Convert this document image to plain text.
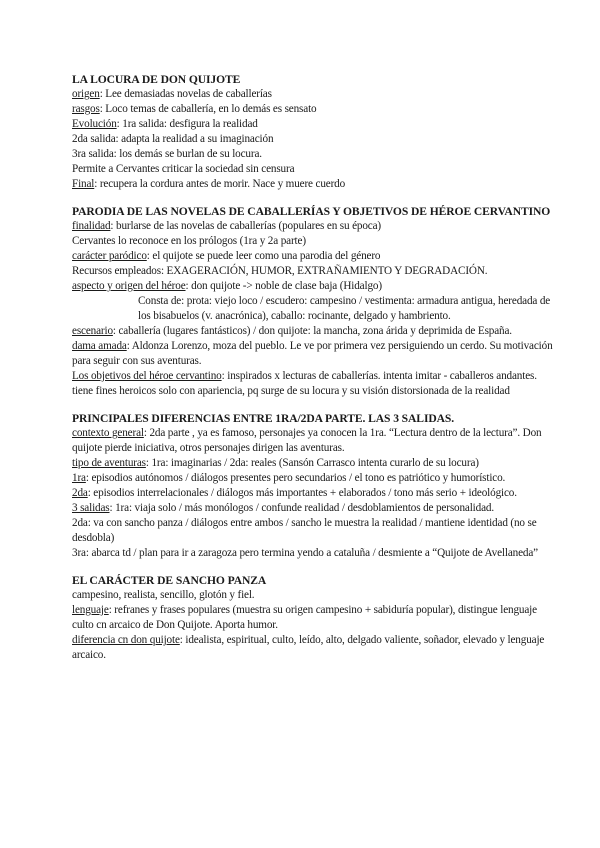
LA LOCURA DE DON QUIJOTE
origen: Lee demasiadas novelas de caballerías
rasgos: Loco temas de caballería, en lo demás es sensato
Evolución: 1ra salida: desfigura la realidad
2da salida: adapta la realidad a su imaginación
3ra salida: los demás se burlan de su locura.
Permite a Cervantes criticar la sociedad sin censura
Final: recupera la cordura antes de morir. Nace y muere cuerdo
PARODIA DE LAS NOVELAS DE CABALLERÍAS Y OBJETIVOS DE HÉROE CERVANTINO
finalidad: burlarse de las novelas de caballerías (populares en su época)
Cervantes lo reconoce en los prólogos (1ra y 2a parte)
carácter paródico: el quijote se puede leer como una parodia del género
Recursos empleados: EXAGERACIÓN, HUMOR, EXTRAÑAMIENTO Y DEGRADACIÓN.
aspecto y origen del héroe: don quijote -> noble de clase baja (Hidalgo)
Consta de: prota: viejo loco / escudero: campesino / vestimenta: armadura antigua, heredada de los bisabuelos (v. anacrónica), caballo: rocinante, delgado y hambriento.
escenario: caballería (lugares fantásticos) / don quijote: la mancha, zona árida y deprimida de España.
dama amada: Aldonza Lorenzo, moza del pueblo. Le ve por primera vez persiguiendo un cerdo. Su motivación para seguir con sus aventuras.
Los objetivos del héroe cervantino: inspirados x lecturas de caballerías. intenta imitar - caballeros andantes. tiene fines heroicos solo con apariencia, pq surge de su locura y su visión distorsionada de la realidad
PRINCIPALES DIFERENCIAS ENTRE 1RA/2DA PARTE. LAS 3 SALIDAS.
contexto general: 2da parte , ya es famoso, personajes ya conocen la 1ra. “Lectura dentro de la lectura”. Don quijote pierde iniciativa, otros personajes dirigen las aventuras.
tipo de aventuras: 1ra: imaginarias / 2da: reales (Sansón Carrasco intenta curarlo de su locura)
1ra: episodios autónomos / diálogos presentes pero secundarios / el tono es patriótico y humorístico.
2da: episodios interrelacionales / diálogos más importantes + elaborados / tono más serio + ideológico.
3 salidas: 1ra: viaja solo / más monólogos / confunde realidad / desdoblamientos de personalidad.
2da: va con sancho panza / diálogos entre ambos / sancho le muestra la realidad / mantiene identidad (no se desdobla)
3ra: abarca td / plan para ir a zaragoza pero termina yendo a cataluña / desmiente a “Quijote de Avellaneda”
EL CARÁCTER DE SANCHO PANZA
campesino, realista, sencillo, glotón y fiel.
lenguaje: refranes y frases populares (muestra su origen campesino + sabiduría popular), distingue lenguaje culto cn arcaico de Don Quijote. Aporta humor.
diferencia cn don quijote: idealista, espiritual, culto, leído, alto, delgado valiente, soñador, elevado y lenguaje arcaico.
